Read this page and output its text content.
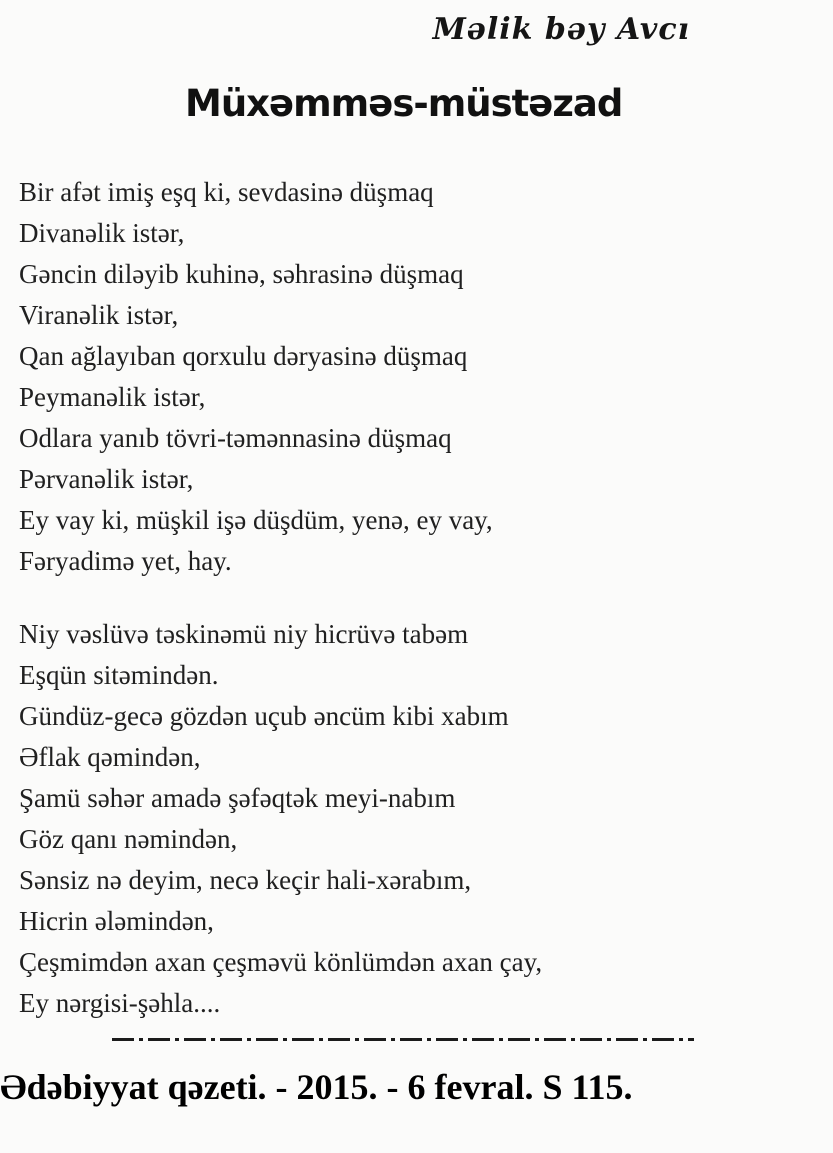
Məlik bəy Avcı
Müxəmməs-müstəzad
Bir afət imiş eşq ki, sevdasinə düşmaq
Divanəlik istər,
Gəncin diləyib kuhinə, səhrasinə düşmaq
Viranəlik istər,
Qan ağlayıban qorxulu dəryasinə düşmaq
Peymanəlik istər,
Odlara yanıb tövri-təmənnasinə düşmaq
Pərvanəlik istər,
Ey vay ki, müşkil işə düşdüm, yenə, ey vay,
Fəryadimə yet, hay.
Niy vəslüvə təskinəmü niy hicrüvə tabəm
Eşqün sitəmindən.
Gündüz-gecə gözdən uçub əncüm kibi xabım
Əflak qəmindən,
Şamü səhər amadə şəfəqtək meyi-nabım
Göz qanı nəmindən,
Sənsiz nə deyim, necə keçir hali-xərabım,
Hicrin ələmindən,
Çeşmimdən axan çeşməvü könlümdən axan çay,
Ey nərgisi-şəhla....
Ədəbiyyat qəzeti. - 2015. - 6 fevral. S 115.
